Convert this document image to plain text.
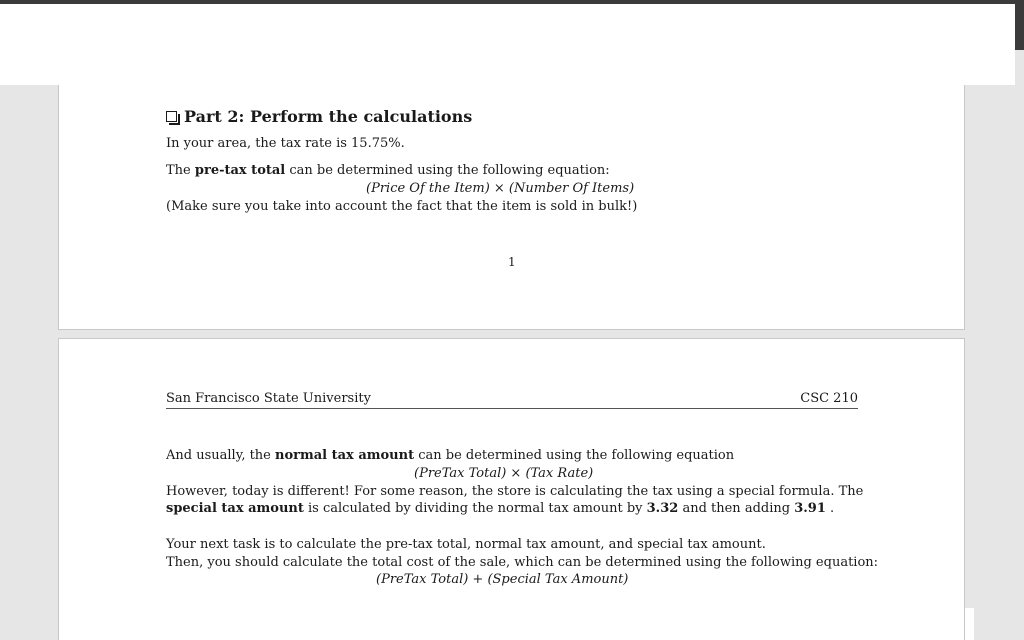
Part 2: Perform the calculations
In your area, the tax rate is 15.75%.
The pre-tax total can be determined using the following equation:
(Price Of the Item) × (Number Of Items)
(Make sure you take into account the fact that the item is sold in bulk!)
1
San Francisco State University	CSC 210
And usually, the normal tax amount can be determined using the following equation
(PreTax Total) × (Tax Rate)
However, today is different! For some reason, the store is calculating the tax using a special formula. The
special tax amount is calculated by dividing the normal tax amount by 3.32 and then adding 3.91 .
Your next task is to calculate the pre-tax total, normal tax amount, and special tax amount.
Then, you should calculate the total cost of the sale, which can be determined using the following equation:
(PreTax Total) + (Special Tax Amount)
